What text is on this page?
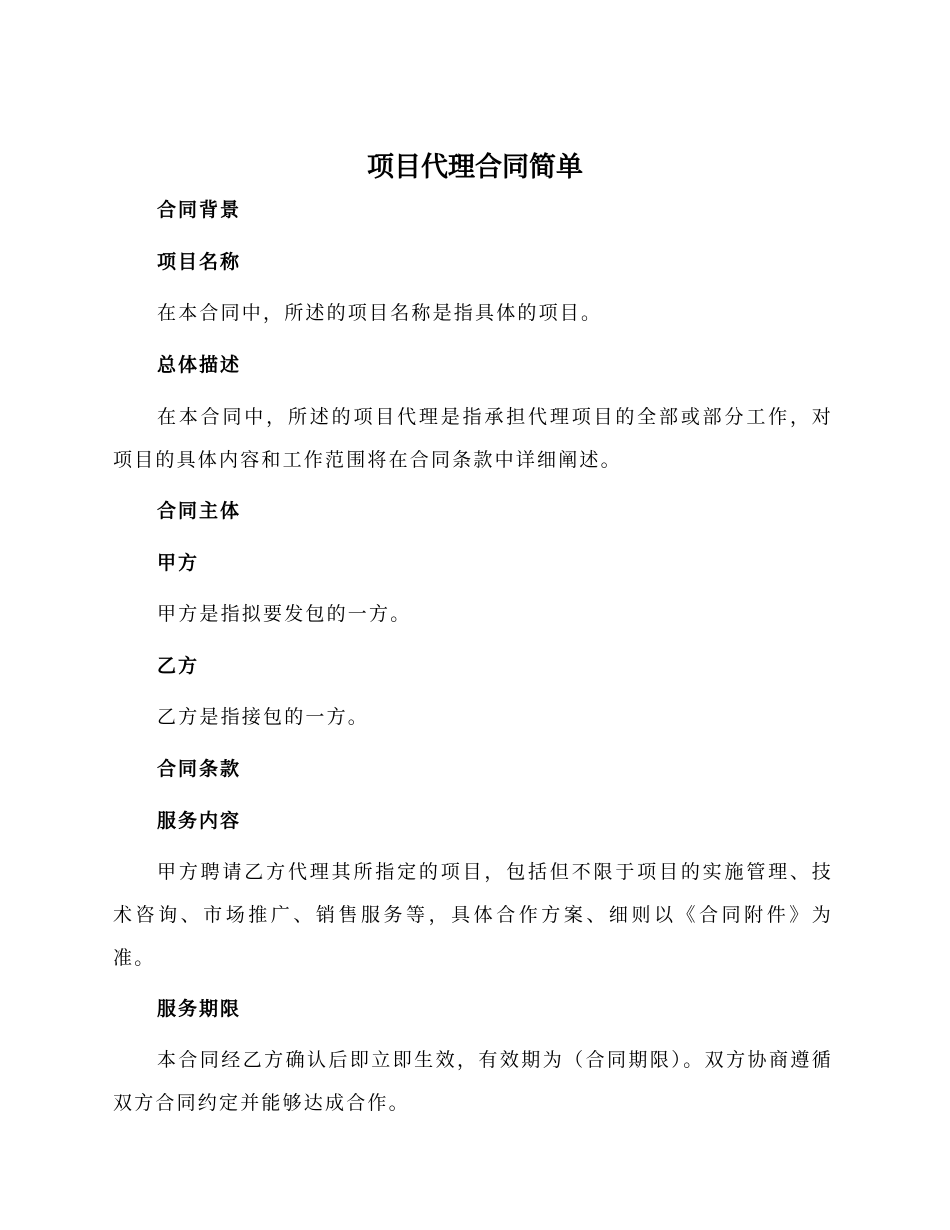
项目代理合同简单
合同背景
项目名称
在本合同中，所述的项目名称是指具体的项目。
总体描述
在本合同中，所述的项目代理是指承担代理项目的全部或部分工作，对项目的具体内容和工作范围将在合同条款中详细阐述。
合同主体
甲方
甲方是指拟要发包的一方。
乙方
乙方是指接包的一方。
合同条款
服务内容
甲方聘请乙方代理其所指定的项目，包括但不限于项目的实施管理、技术咨询、市场推广、销售服务等，具体合作方案、细则以《合同附件》为准。
服务期限
本合同经乙方确认后即立即生效，有效期为（合同期限）。双方协商遵循双方合同约定并能够达成合作。
